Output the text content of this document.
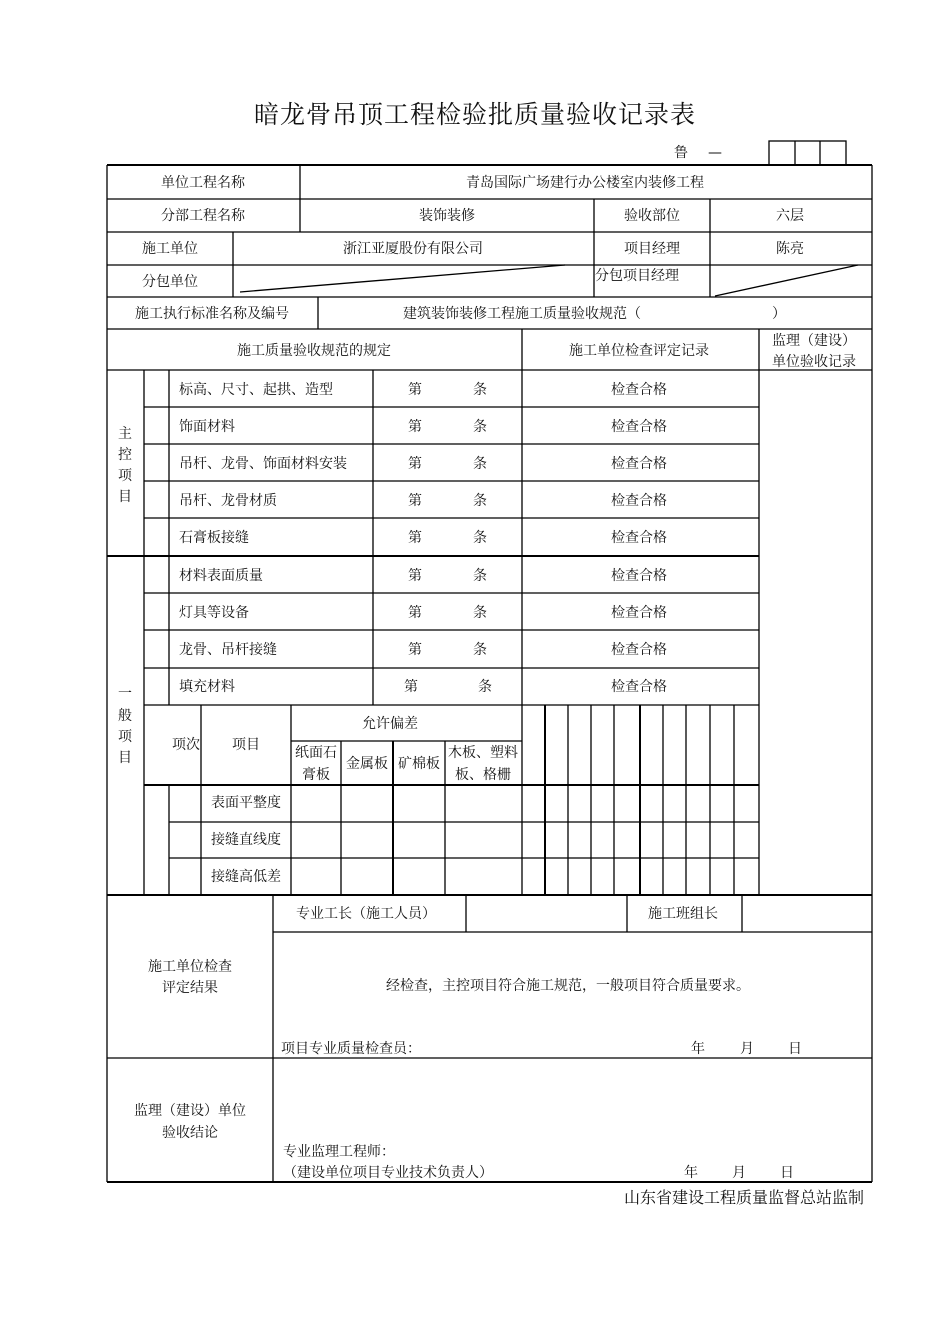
暗龙骨吊顶工程检验批质量验收记录表
鲁 —
单位工程名称	青岛国际广场建行办公楼室内装修工程
分部工程名称	装饰装修	验收部位	六层
施工单位	浙江亚厦股份有限公司	项目经理	陈亮
分包单位	分包项目经理
施工执行标准名称及编号	建筑装饰装修工程施工质量验收规范（	）
施工质量验收规范的规定	施工单位检查评定记录
监理（建设）
单位验收记录
主
控
项
目
标高、尺寸、起拱、造型	第	条	检查合格
饰面材料	第	条	检查合格
吊杆、龙骨、饰面材料安装	第	条	检查合格
吊杆、龙骨材质	第	条	检查合格
石膏板接缝	第	条	检查合格
一
般
项
目
材料表面质量	第	条	检查合格
灯具等设备	第	条	检查合格
龙骨、吊杆接缝	第	条	检查合格
填充材料	第	条	检查合格
项次 项目
允许偏差
纸面石
膏板
金属板 矿棉板
木板、塑料
板、格栅
表面平整度
接缝直线度
接缝高低差
专业工长（施工人员）	施工班组长
施工单位检查
评定结果	经检查，主控项目符合施工规范，一般项目符合质量要求。
项目专业质量检查员：	年	月 日
监理（建设）单位
验收结论
专业监理工程师：
（建设单位项目专业技术负责人）	年 月 日
山东省建设工程质量监督总站监制
